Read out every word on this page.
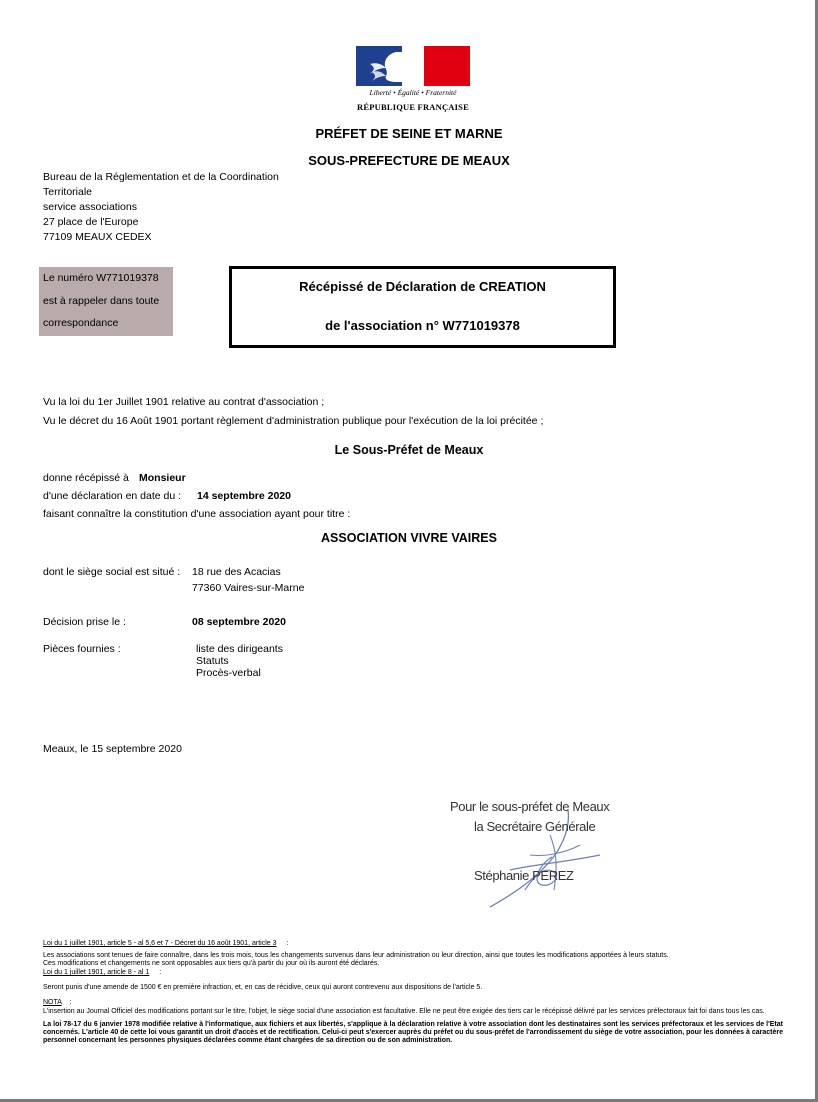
Liberté • Égalité • Fraternité
RÉPUBLIQUE FRANÇAISE
PRÉFET DE SEINE ET MARNE
SOUS-PREFECTURE DE MEAUX
Bureau de la Réglementation et de la Coordination
Territoriale
service associations
27 place de l'Europe
77109 MEAUX CEDEX
Le numéro W771019378
est à rappeler dans toute
correspondance
Récépissé de Déclaration de CREATION
de l'association n° W771019378
Vu la loi du 1er Juillet 1901 relative au contrat d'association ;
Vu le décret du 16 Août 1901 portant règlement d'administration publique pour l'exécution de la loi précitée ;
Le Sous-Préfet de Meaux
donne récépissé à Monsieur
d'une déclaration en date du : 14 septembre 2020
faisant connaître la constitution d'une association ayant pour titre :
ASSOCIATION VIVRE VAIRES
dont le siège social est situé : 18 rue des Acacias
77360 Vaires-sur-Marne
Décision prise le :	08 septembre 2020
Pièces fournies :	liste des dirigeants
Statuts
Procès-verbal
Meaux, le 15 septembre 2020
Pour le sous-préfet de Meaux
la Secrétaire Générale
Stéphanie PEREZ
Loi du 1 juillet 1901, article 5 - al 5,6 et 7 - Décret du 16 août 1901, article 3 :
Les associations sont tenues de faire connaître, dans les trois mois, tous les changements survenus dans leur administration ou leur direction, ainsi que toutes les modifications apportées à leurs statuts.
Ces modifications et changements ne sont opposables aux tiers qu'à partir du jour où ils auront été déclarés.
Loi du 1 juillet 1901, article 8 - al 1 :
Seront punis d'une amende de 1500 € en première infraction, et, en cas de récidive, ceux qui auront contrevenu aux dispositions de l'article 5.
NOTA :
L'insertion au Journal Officiel des modifications portant sur le titre, l'objet, le siège social d'une association est facultative. Elle ne peut être exigée des tiers car le récépissé délivré par les services préfectoraux fait foi dans tous les cas.
La loi 78-17 du 6 janvier 1978 modifiée relative à l'informatique, aux fichiers et aux libertés, s'applique à la déclaration relative à votre association dont les destinataires sont les services préfectoraux et les services de l'Etat concernés. L'article 40 de cette loi vous garantit un droit d'accès et de rectification. Celui-ci peut s'exercer auprès du préfet ou du sous-préfet de l'arrondissement du siège de votre association, pour les données à caractère personnel concernant les personnes physiques déclarées comme étant chargées de sa direction ou de son administration.
